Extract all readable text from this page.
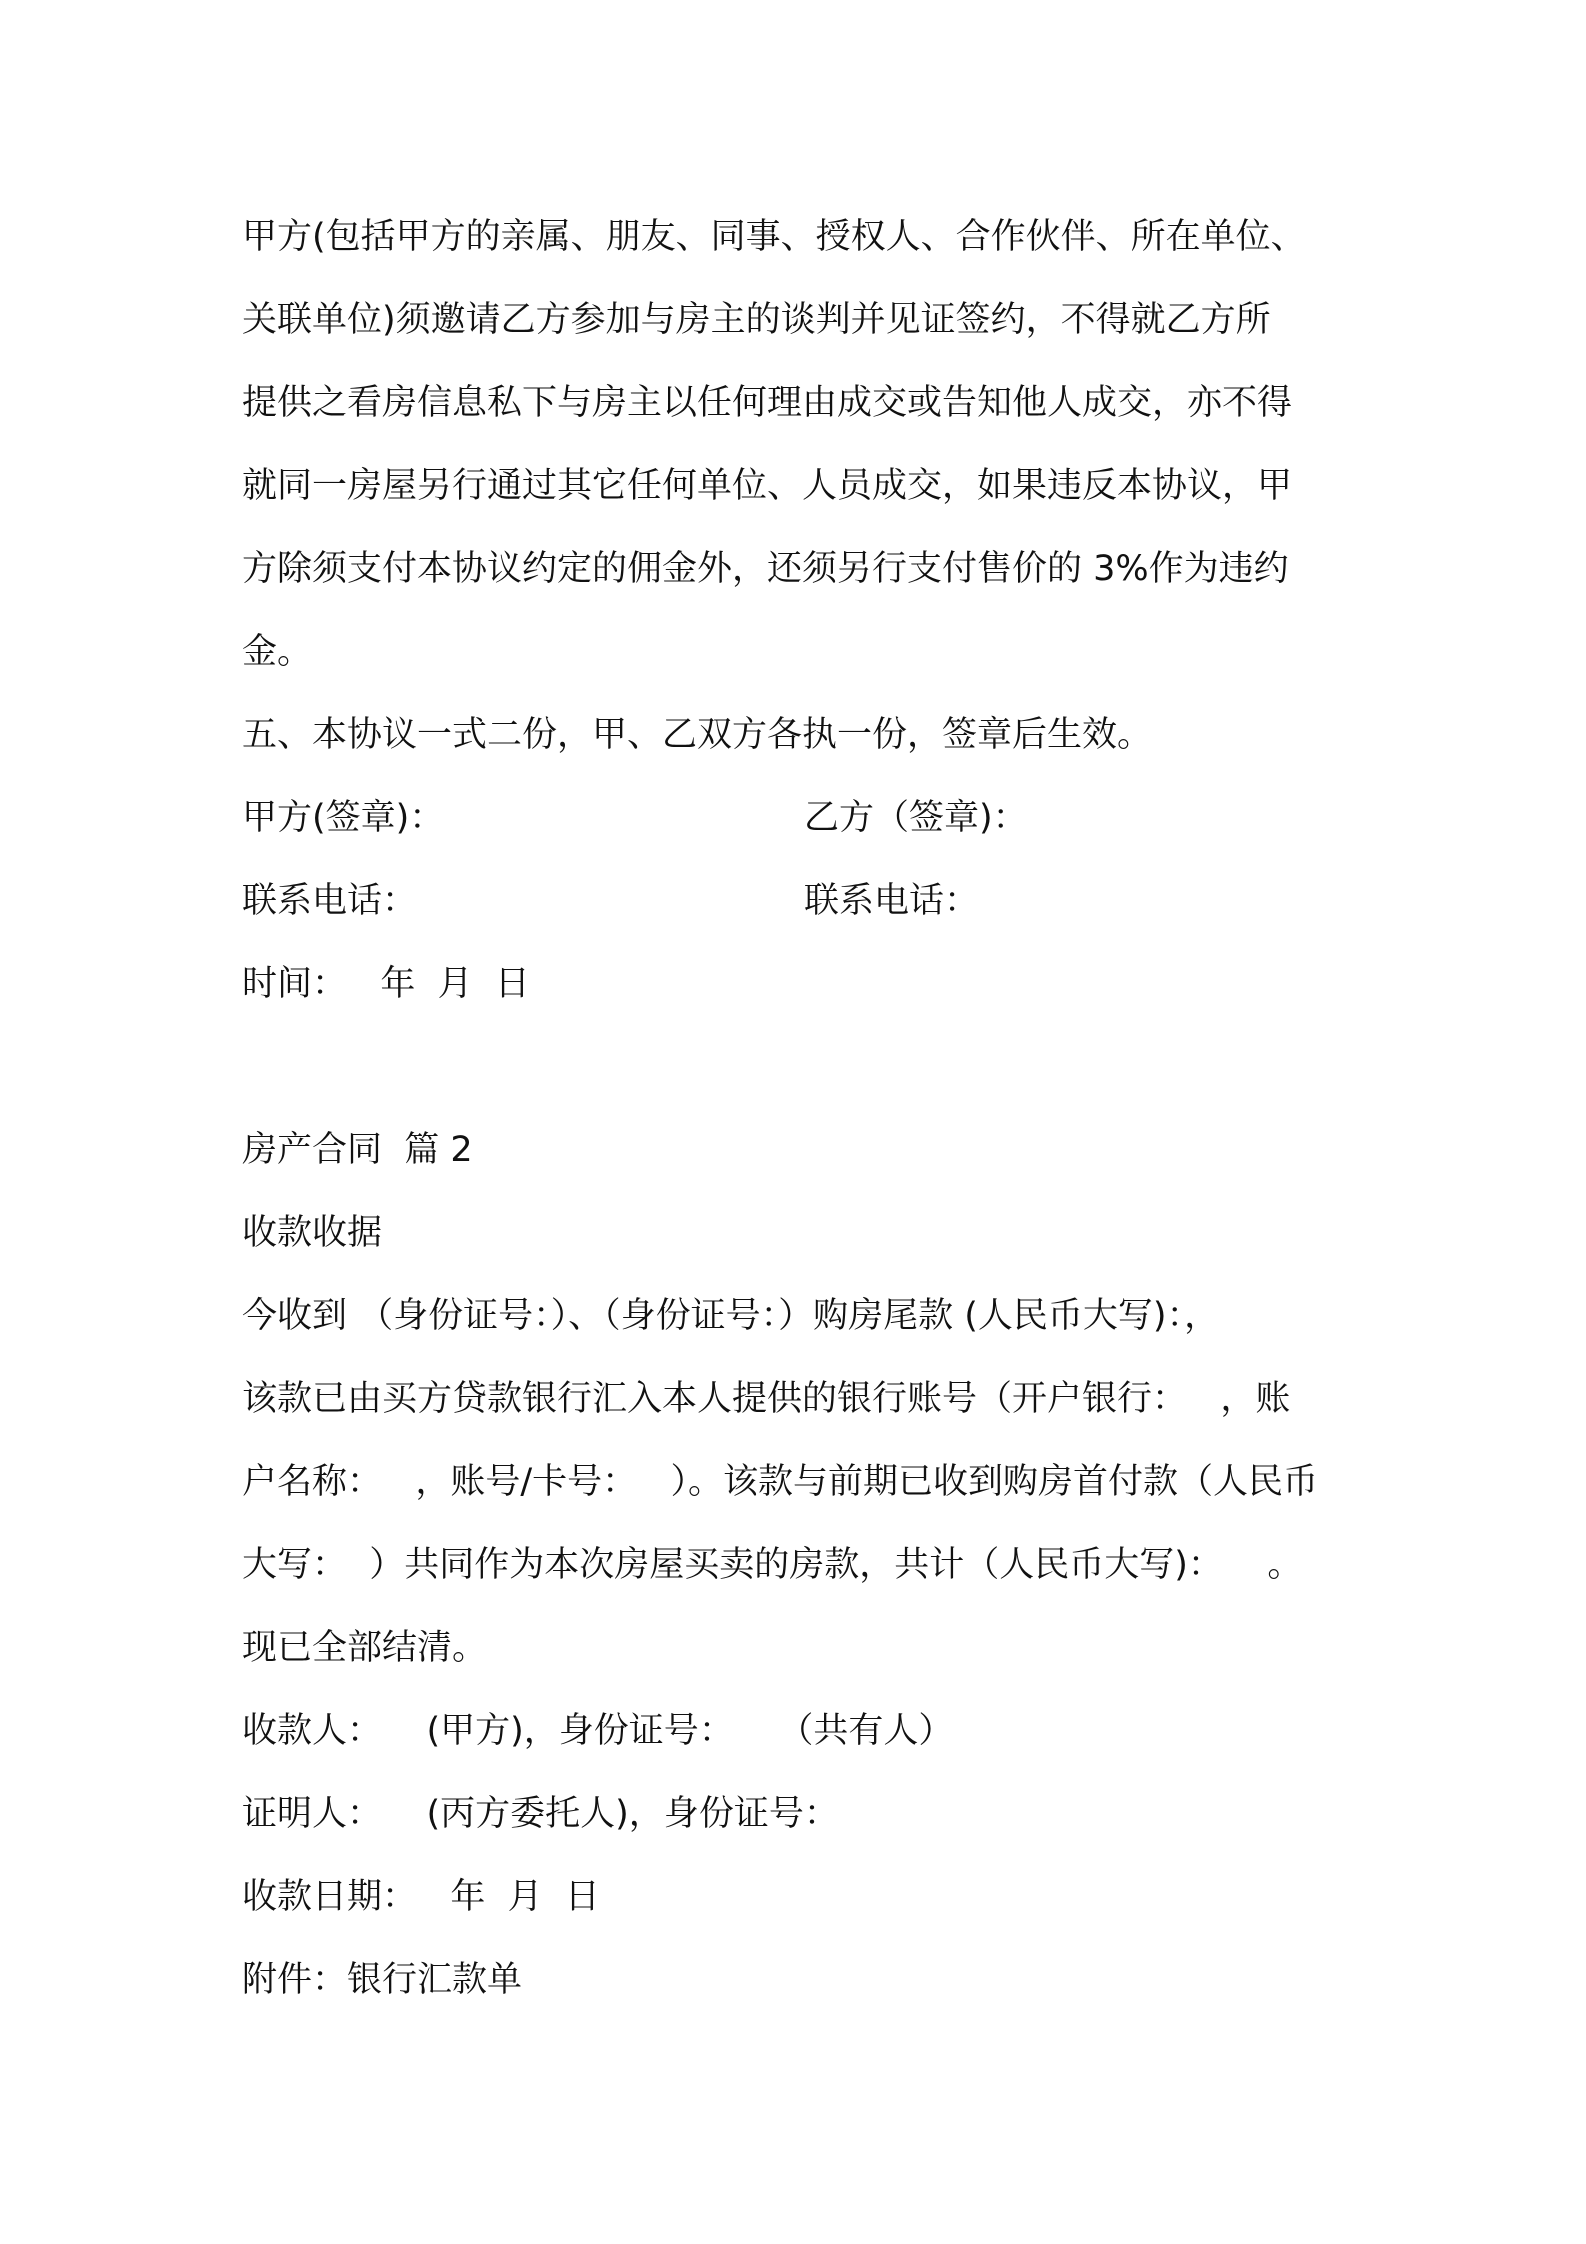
甲方(包括甲方的亲属、朋友、同事、授权人、合作伙伴、所在单位、
关联单位)须邀请乙方参加与房主的谈判并见证签约，不得就乙方所
提供之看房信息私下与房主以任何理由成交或告知他人成交，亦不得
就同一房屋另行通过其它任何单位、人员成交，如果违反本协议，甲
方除须支付本协议约定的佣金外，还须另行支付售价的 3%作为违约
金。
五、本协议一式二份，甲、乙双方各执一份，签章后生效。
甲方(签章)：	乙方（签章)：
联系电话：	联系电话：
时间：   年  月  日
房产合同  篇 2
收款收据
今收到 （身份证号：）、（身份证号：）购房尾款 (人民币大写)：，
该款已由买方贷款银行汇入本人提供的银行账号（开户银行：   ，账
户名称：   ，账号/卡号：   ）。该款与前期已收到购房首付款（人民币
大写：  ）共同作为本次房屋买卖的房款，共计（人民币大写)：    。
现已全部结清。
收款人：    (甲方)，身份证号：    （共有人）
证明人：    (丙方委托人)，身份证号：
收款日期：   年  月  日
附件：银行汇款单
